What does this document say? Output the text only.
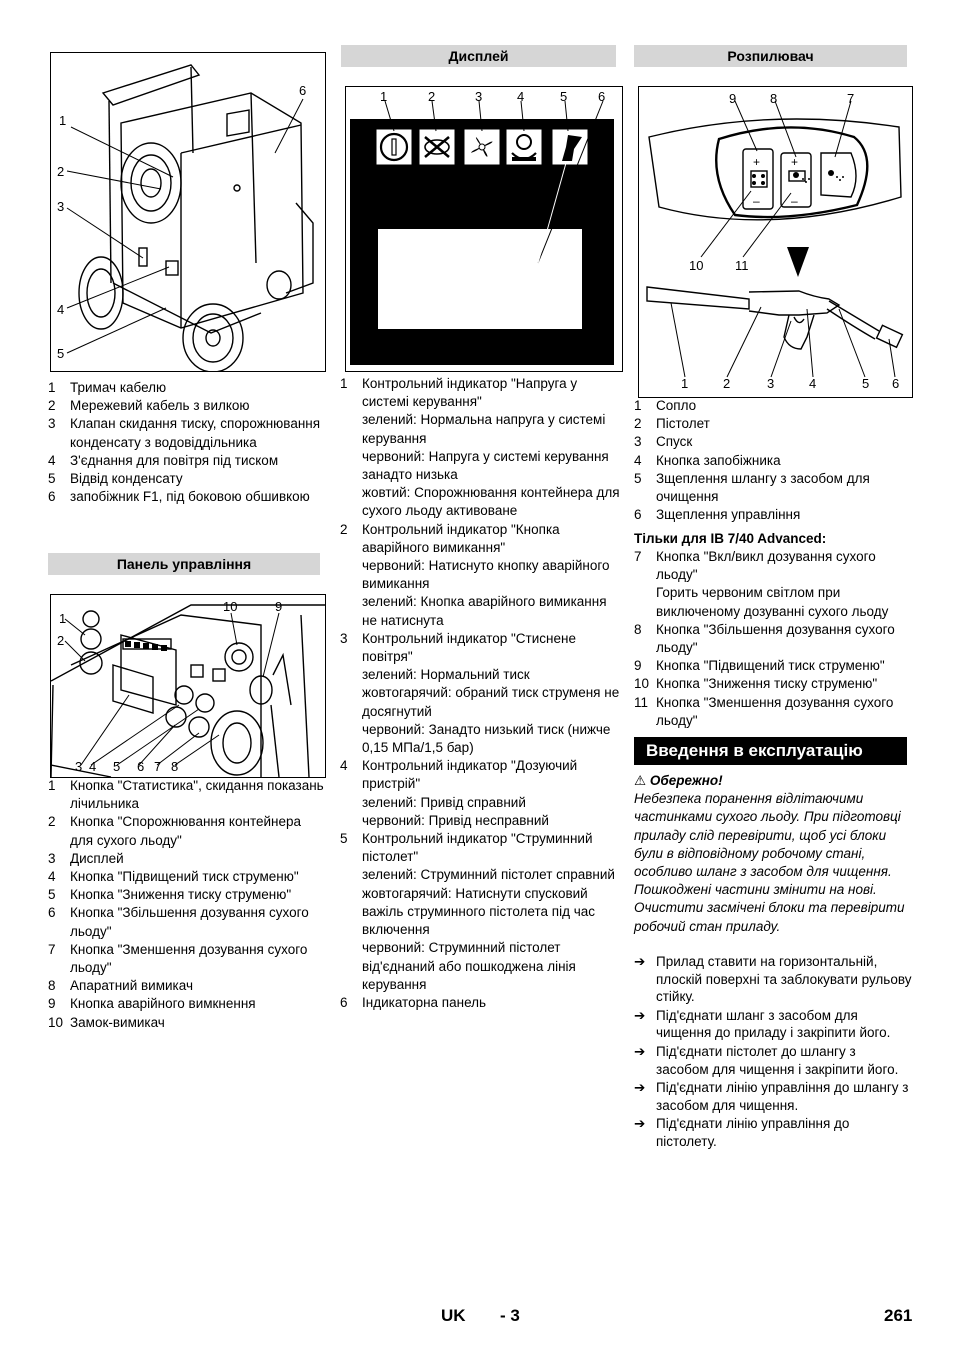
1
2
3
4
5
6
1 Тримач кабелю
2 Мережевий кабель з вилкою
3 Клапан скидання тиску, спорожнювання конденсату з водовіддільника
4 З'єднання для повітря під тиском
5 Відвід конденсату
6 запобіжник F1, під боковою обшивкою
Панель управління
1
2
3 4 5 6 7 8
10	9
1 Кнопка "Статистика", скидання показань лічильника
2 Кнопка "Спорожнювання контейнера для сухого льоду"
3 Дисплей
4 Кнопка "Підвищений тиск струменю"
5 Кнопка "Зниження тиску струменю"
6 Кнопка "Збільшення дозування сухого льоду"
7 Кнопка "Зменшення дозування сухого льоду"
8 Апаратний вимикач
9 Кнопка аварійного вимкнення
10 Замок-вимикач
Дисплей
1	2	3	4	5 6
1 Контрольний індикатор "Напруга у системі керування"
зелений: Нормальна напруга у системі керування
червоний: Напруга у системі керування занадто низька
жовтий: Спорожнювання контейнера для сухого льоду активоване
2 Контрольний індикатор "Кнопка аварійного вимикання"
червоний: Натиснуто кнопку аварійного вимикання
зелений: Кнопка аварійного вимикання не натиснута
3 Контрольний індикатор "Стиснене повітря"
зелений: Нормальний тиск
жовтогарячий: обраний тиск струменя не досягнутий
червоний: Занадто низький тиск (нижче 0,15 МПа/1,5 бар)
4 Контрольний індикатор "Дозуючий пристрій"
зелений: Привід справний
червоний: Привід несправний
5 Контрольний індикатор "Струминний пістолет"
зелений: Струминний пістолет справний
жовтогарячий: Натиснути спусковий важіль струминного пістолета під час включення
червоний: Струминний пістолет від'єднаний або пошкоджена лінія керування
6 Індикаторна панель
Розпилювач
+
–
+
–
9	8	7
10 11
1	2	3	4	5 6
1 Сопло
2 Пістолет
3 Спуск
4 Кнопка запобіжника
5 Зщеплення шлангу з засобом для очищення
6 Зщеплення управління
Тільки для IB 7/40 Advanced:
7 Кнопка "Вкл/викл дозування сухого льоду"
Горить червоним світлом при виключеному дозуванні сухого льоду
8 Кнопка "Збільшення дозування сухого льоду"
9 Кнопка "Підвищений тиск струменю"
10 Кнопка "Зниження тиску струменю"
11 Кнопка "Зменшення дозування сухого льоду"
Введення в експлуатацію
⚠ Обережно!
Небезпека поранення відлітаючими частинками сухого льоду. При підготовці приладу слід перевірити, щоб усі блоки були в відповідному робочому стані, особливо шланг з засобом для чищення. Пошкоджені частини змінити на нові. Очистити засмічені блоки та перевірити робочий стан приладу.
➔ Прилад ставити на горизонтальній, плоскій поверхні та заблокувати рульову стійку.
➔ Під'єднати шланг з засобом для чищення до приладу і закріпити його.
➔ Під'єднати пістолет до шлангу з засобом для чищення і закріпити його.
➔ Під'єднати лінію управління до шлангу з засобом для чищення.
➔ Під'єднати лінію управління до пістолету.
UK - 3	261
